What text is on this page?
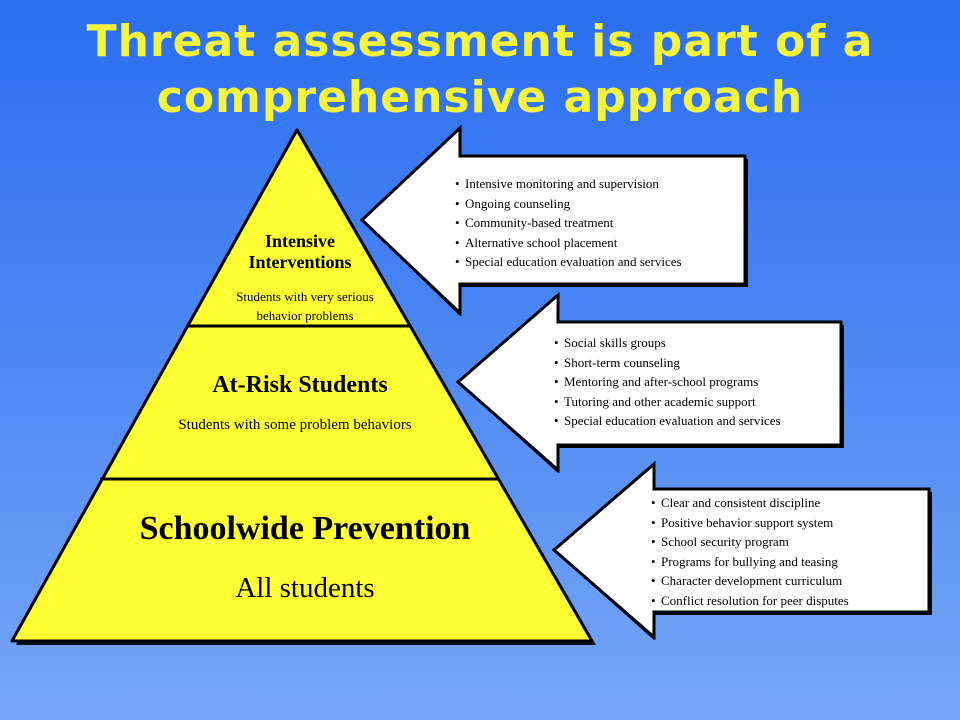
Threat assessment is part of a
comprehensive approach
Intensive
Interventions
Students with very serious
behavior problems
At-Risk Students
Students with some problem behaviors
Schoolwide Prevention
All students
• Intensive monitoring and supervision
• Ongoing counseling
• Community-based treatment
• Alternative school placement
• Special education evaluation and services
• Social skills groups
• Short-term counseling
• Mentoring and after-school programs
• Tutoring and other academic support
• Special education evaluation and services
• Clear and consistent discipline
• Positive behavior support system
• School security program
• Programs for bullying and teasing
• Character development curriculum
• Conflict resolution for peer disputes
